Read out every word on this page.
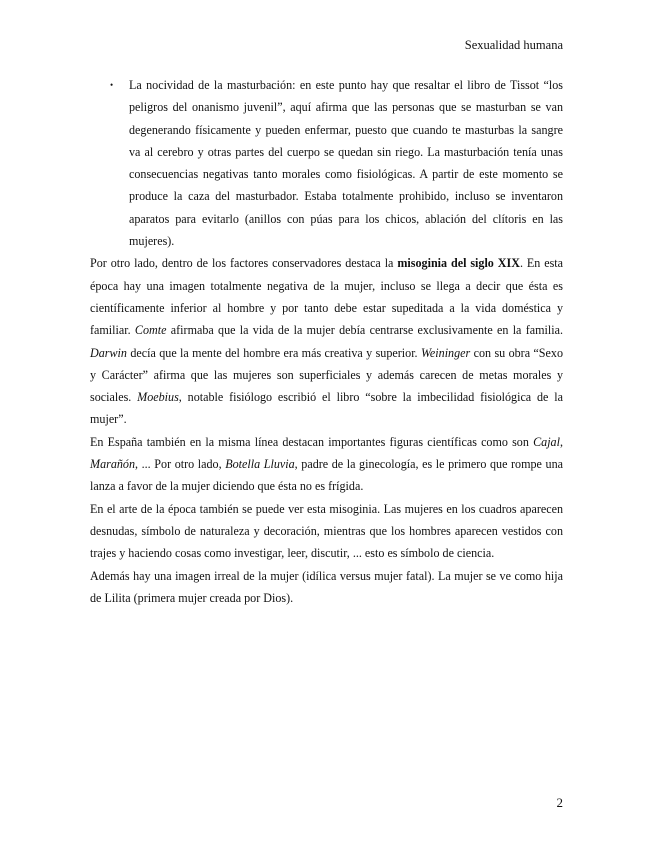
Sexualidad humana

• La nocividad de la masturbación: en este punto hay que resaltar el libro de Tissot “los peligros del onanismo juvenil”, aquí afirma que las personas que se masturban se van degenerando físicamente y pueden enfermar, puesto que cuando te masturbas la sangre va al cerebro y otras partes del cuerpo se quedan sin riego. La masturbación tenía unas consecuencias negativas tanto morales como fisiológicas. A partir de este momento se produce la caza del masturbador. Estaba totalmente prohibido, incluso se inventaron aparatos para evitarlo (anillos con púas para los chicos, ablación del clítoris en las mujeres).

Por otro lado, dentro de los factores conservadores destaca la misoginia del siglo XIX. En esta época hay una imagen totalmente negativa de la mujer, incluso se llega a decir que ésta es científicamente inferior al hombre y por tanto debe estar supeditada a la vida doméstica y familiar. Comte afirmaba que la vida de la mujer debía centrarse exclusivamente en la familia. Darwin decía que la mente del hombre era más creativa y superior. Weininger con su obra “Sexo y Carácter” afirma que las mujeres son superficiales y además carecen de metas morales y sociales. Moebius, notable fisiólogo escribió el libro “sobre la imbecilidad fisiológica de la mujer”.

En España también en la misma línea destacan importantes figuras científicas como son Cajal, Marañón, ... Por otro lado, Botella Lluvia, padre de la ginecología, es le primero que rompe una lanza a favor de la mujer diciendo que ésta no es frígida.

En el arte de la época también se puede ver esta misoginia. Las mujeres en los cuadros aparecen desnudas, símbolo de naturaleza y decoración, mientras que los hombres aparecen vestidos con trajes y haciendo cosas como investigar, leer, discutir, ... esto es símbolo de ciencia.

Además hay una imagen irreal de la mujer (idílica versus mujer fatal). La mujer se ve como hija de Lilita (primera mujer creada por Dios).

2
